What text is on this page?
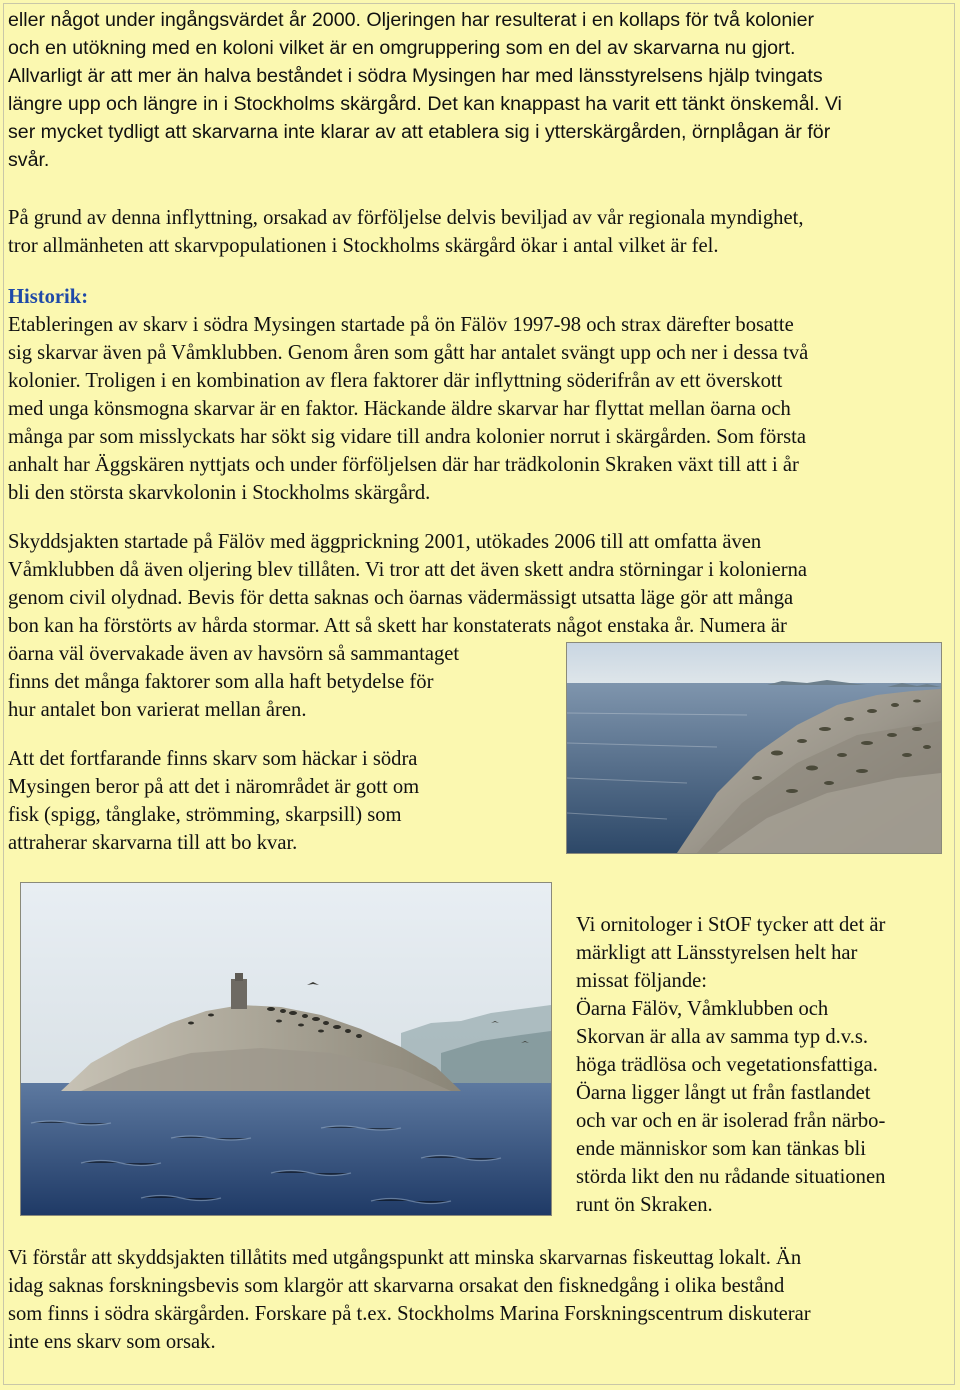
eller något under ingångsvärdet år 2000. Oljeringen har resulterat i en kollaps för två kolonier
och en utökning med en koloni vilket är en omgruppering som en del av skarvarna nu gjort.
Allvarligt är att mer än halva beståndet i södra Mysingen har med länsstyrelsens hjälp tvingats
längre upp och längre in i Stockholms skärgård. Det kan knappast ha varit ett tänkt önskemål. Vi
ser mycket tydligt att skarvarna inte klarar av att etablera sig i ytterskärgården, örnplågan är för
svår.
På grund av denna inflyttning, orsakad av förföljelse delvis beviljad av vår regionala myndighet,
tror allmänheten att skarvpopulationen i Stockholms skärgård ökar i antal vilket är fel.
Historik:
Etableringen av skarv i södra Mysingen startade på ön Fälöv 1997-98 och strax därefter bosatte
sig skarvar även på Våmklubben. Genom åren som gått har antalet svängt upp och ner i dessa två
kolonier. Troligen i en kombination av flera faktorer där inflyttning söderifrån av ett överskott
med unga könsmogna skarvar är en faktor. Häckande äldre skarvar har flyttat mellan öarna och
många par som misslyckats har sökt sig vidare till andra kolonier norrut i skärgården. Som första
anhalt har Äggskären nyttjats och under förföljelsen där har trädkolonin Skraken växt till att i år
bli den största skarvkolonin i Stockholms skärgård.
Skyddsjakten startade på Fälöv med äggprickning 2001, utökades 2006 till att omfatta även
Våmklubben då även oljering blev tillåten. Vi tror att det även skett andra störningar i kolonierna
genom civil olydnad. Bevis för detta saknas och öarnas vädermässigt utsatta läge gör att många
bon kan ha förstörts av hårda stormar. Att så skett har konstaterats något enstaka år. Numera är
öarna väl övervakade även av havsörn så sammantaget
finns det många faktorer som alla haft betydelse för
hur antalet bon varierat mellan åren.
Att det fortfarande finns skarv som häckar i södra
Mysingen beror på att det i närområdet är gott om
fisk (spigg, tånglake, strömming, skarpsill) som
attraherar skarvarna till att bo kvar.
Vi ornitologer i StOF tycker att det är
märkligt att Länsstyrelsen helt har
missat följande:
Öarna Fälöv, Våmklubben och
Skorvan är alla av samma typ d.v.s.
höga trädlösa och vegetationsfattiga.
Öarna ligger långt ut från fastlandet
och var och en är isolerad från närbo-
ende människor som kan tänkas bli
störda likt den nu rådande situationen
runt ön Skraken.
Vi förstår att skyddsjakten tillåtits med utgångspunkt att minska skarvarnas fiskeuttag lokalt. Än
idag saknas forskningsbevis som klargör att skarvarna orsakat den fisknedgång i olika bestånd
som finns i södra skärgården. Forskare på t.ex. Stockholms Marina Forskningscentrum diskuterar
inte ens skarv som orsak.
